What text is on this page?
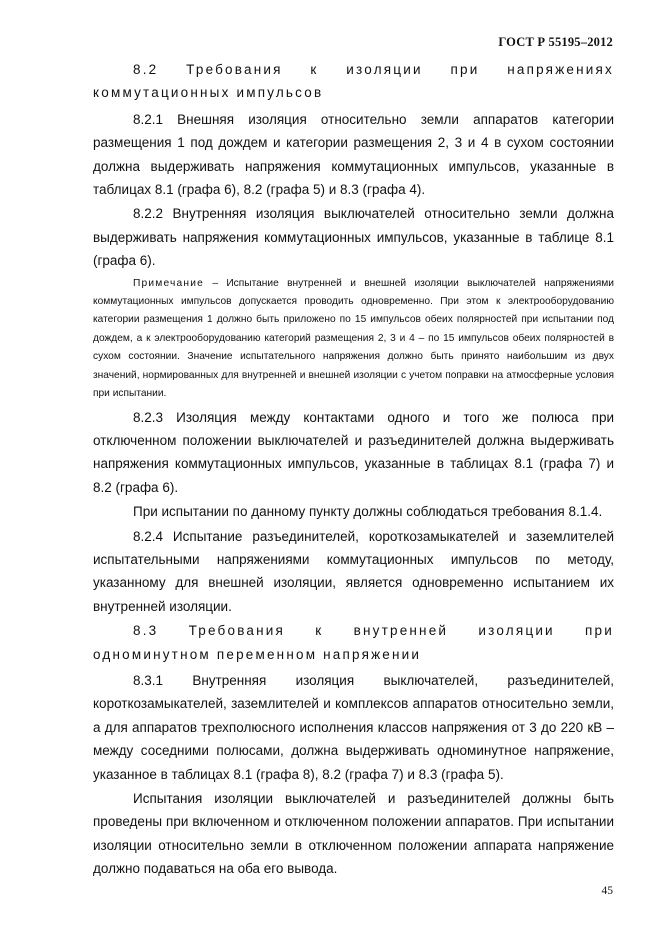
ГОСТ Р 55195–2012
8.2 Требования к изоляции при напряжениях коммутационных импульсов

8.2.1 Внешняя изоляция относительно земли аппаратов категории размещения 1 под дождем и категории размещения 2, 3 и 4 в сухом состоянии должна выдерживать напряжения коммутационных импульсов, указанные в таблицах 8.1 (графа 6), 8.2 (графа 5) и 8.3 (графа 4).

8.2.2 Внутренняя изоляция выключателей относительно земли должна выдерживать напряжения коммутационных импульсов, указанные в таблице 8.1 (графа 6).

Примечание – Испытание внутренней и внешней изоляции выключателей напряжениями коммутационных импульсов допускается проводить одновременно. При этом к электрооборудованию категории размещения 1 должно быть приложено по 15 импульсов обеих полярностей при испытании под дождем, а к электрооборудованию категорий размещения 2, 3 и 4 – по 15 импульсов обеих полярностей в сухом состоянии. Значение испытательного напряжения должно быть принято наибольшим из двух значений, нормированных для внутренней и внешней изоляции с учетом поправки на атмосферные условия при испытании.

8.2.3 Изоляция между контактами одного и того же полюса при отключенном положении выключателей и разъединителей должна выдерживать напряжения коммутационных импульсов, указанные в таблицах 8.1 (графа 7) и 8.2 (графа 6).

При испытании по данному пункту должны соблюдаться требования 8.1.4.

8.2.4 Испытание разъединителей, короткозамыкателей и заземлителей испытательными напряжениями коммутационных импульсов по методу, указанному для внешней изоляции, является одновременно испытанием их внутренней изоляции.

8.3 Требования к внутренней изоляции при одноминутном переменном напряжении

8.3.1 Внутренняя изоляция выключателей, разъединителей, короткозамыкателей, заземлителей и комплексов аппаратов относительно земли, а для аппаратов трехполюсного исполнения классов напряжения от 3 до 220 кВ – между соседними полюсами, должна выдерживать одноминутное напряжение, указанное в таблицах 8.1 (графа 8), 8.2 (графа 7) и 8.3 (графа 5).

Испытания изоляции выключателей и разъединителей должны быть проведены при включенном и отключенном положении аппаратов. При испытании изоляции относительно земли в отключенном положении аппарата напряжение должно подаваться на оба его вывода.

45
